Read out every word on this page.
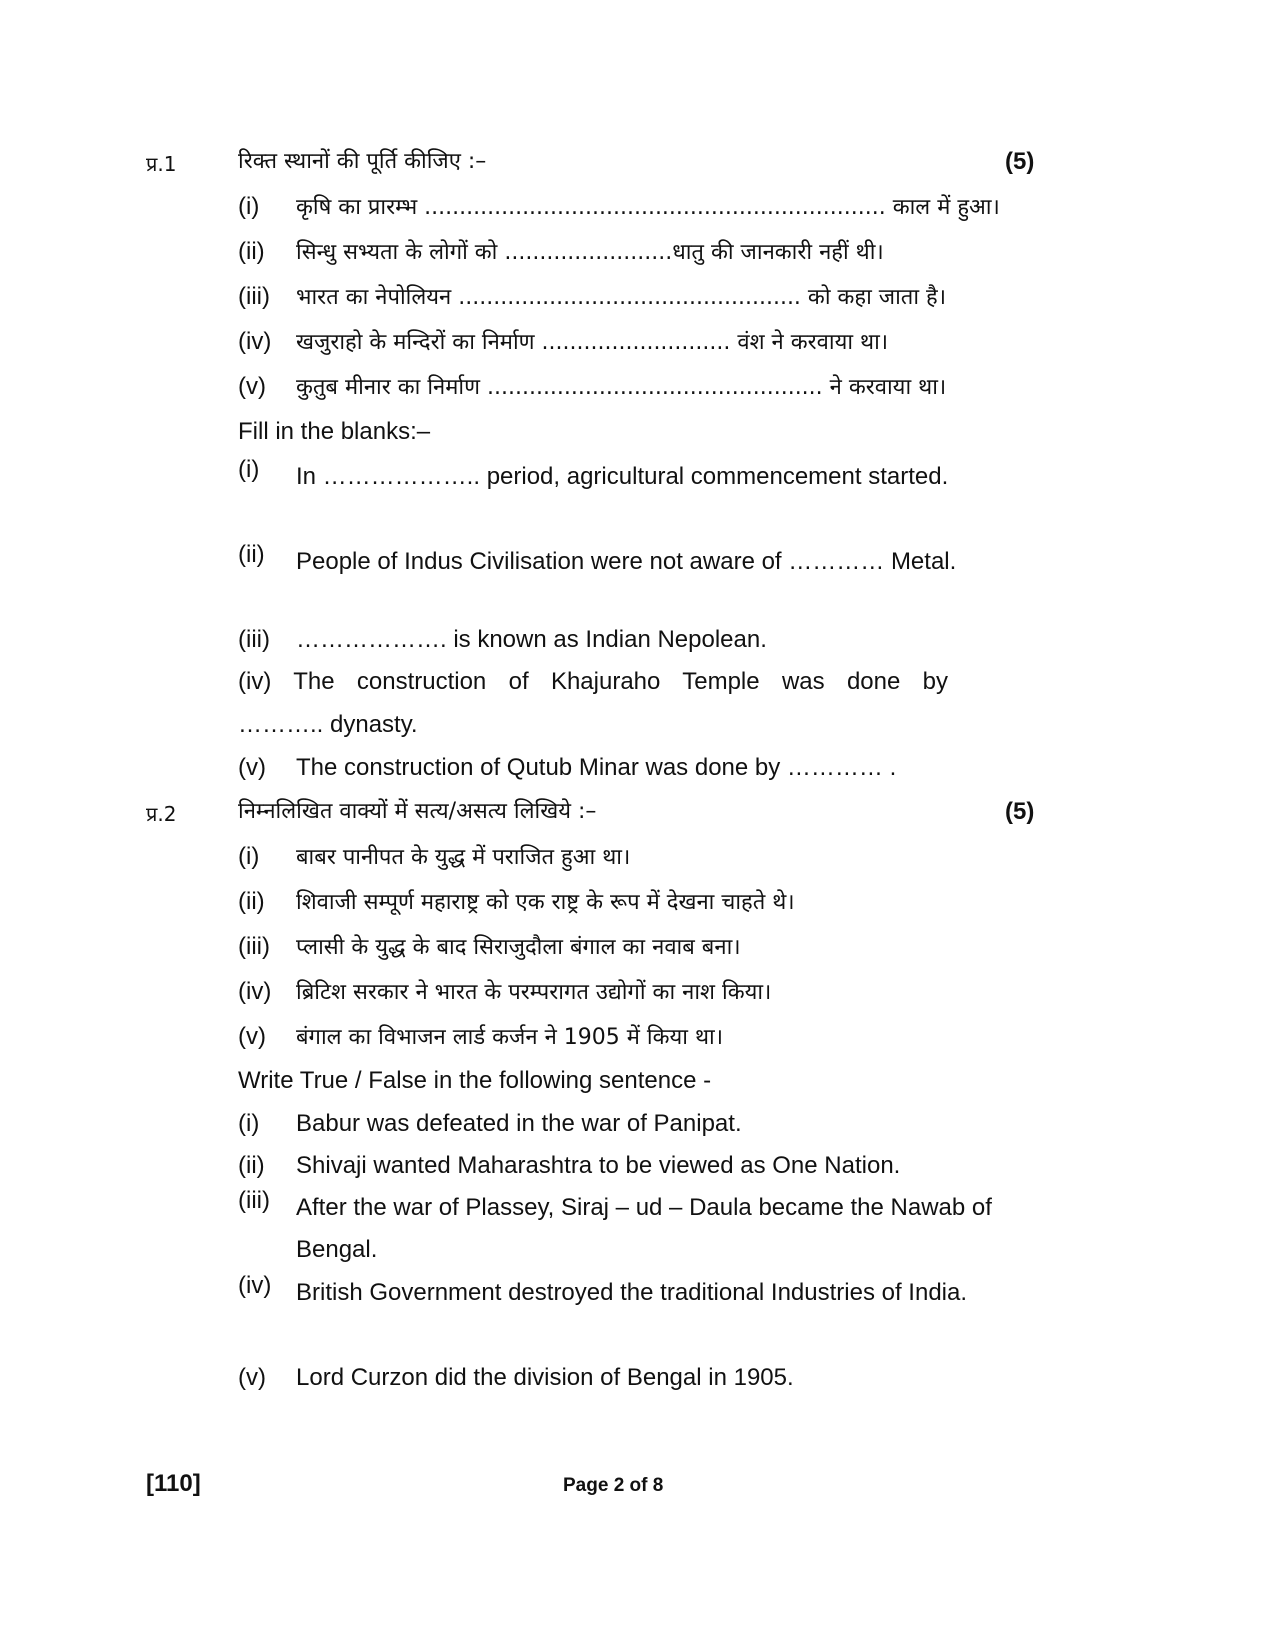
प्र.1	रिक्त स्थानों की पूर्ति कीजिए :–	(5)
(i) कृषि का प्रारम्भ .................................................................. काल में हुआ।
(ii) सिन्धु सभ्यता के लोगों को ........................धातु की जानकारी नहीं थी।
(iii) भारत का नेपोलियन ................................................. को कहा जाता है।
(iv) खजुराहो के मन्दिरों का निर्माण ........................... वंश ने करवाया था।
(v) कुतुब मीनार का निर्माण ................................................ ने करवाया था।
Fill in the blanks:–
(i)	In ……………….. period, agricultural commencement started.
(ii)	People of Indus Civilisation were not aware of ………… Metal.
(iii) ………………. is known as Indian Nepolean.
(iv) The construction of Khajuraho Temple was done by
……….. dynasty.
(v) The construction of Qutub Minar was done by ………… .
प्र.2	निम्नलिखित वाक्यों में सत्य/असत्य लिखिये :–	(5)
(i) बाबर पानीपत के युद्ध में पराजित हुआ था।
(ii) शिवाजी सम्पूर्ण महाराष्ट्र को एक राष्ट्र के रूप में देखना चाहते थे।
(iii) प्लासी के युद्ध के बाद सिराजुदौला बंगाल का नवाब बना।
(iv) ब्रिटिश सरकार ने भारत के परम्परागत उद्योगों का नाश किया।
(v) बंगाल का विभाजन लार्ड कर्जन ने 1905 में किया था।
Write True / False in the following sentence -
(i) Babur was defeated in the war of Panipat.
(ii) Shivaji wanted Maharashtra to be viewed as One Nation.
(iii)	After the war of Plassey, Siraj – ud – Daula became the Nawab of Bengal.
(iv)	British Government destroyed the traditional Industries of India.
(v) Lord Curzon did the division of Bengal in 1905.
[110]	Page 2 of 8
